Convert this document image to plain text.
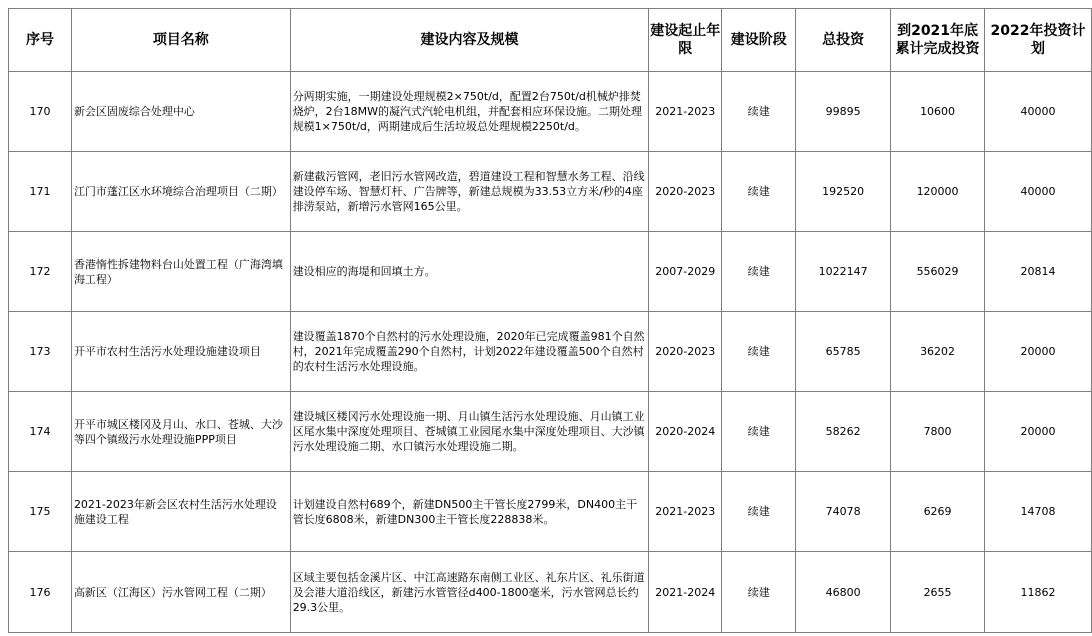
序号	项目名称	建设内容及规模	建设起止年限	建设阶段	总投资	到2021年底累计完成投资	2022年投资计划
170	新会区固废综合处理中心	分两期实施，一期建设处理规模2×750t/d，配置2台750t/d机械炉排焚烧炉，2台18MW的凝汽式汽轮电机组，并配套相应环保设施。二期处理规模1×750t/d，两期建成后生活垃圾总处理规模2250t/d。	2021-2023	续建	99895	10600	40000
171	江门市蓬江区水环境综合治理项目（二期）	新建截污管网，老旧污水管网改造，碧道建设工程和智慧水务工程、沿线建设停车场、智慧灯杆、广告牌等，新建总规模为33.53立方米/秒的4座排涝泵站，新增污水管网165公里。	2020-2023	续建	192520	120000	40000
172	香港惰性拆建物料台山处置工程（广海湾填海工程）	建设相应的海堤和回填土方。	2007-2029	续建	1022147	556029	20814
173	开平市农村生活污水处理设施建设项目	建设覆盖1870个自然村的污水处理设施，2020年已完成覆盖981个自然村，2021年完成覆盖290个自然村，计划2022年建设覆盖500个自然村的农村生活污水处理设施。	2020-2023	续建	65785	36202	20000
174	开平市城区楼冈及月山、水口、苍城、大沙等四个镇级污水处理设施PPP项目	建设城区楼冈污水处理设施一期、月山镇生活污水处理设施、月山镇工业区尾水集中深度处理项目、苍城镇工业园尾水集中深度处理项目、大沙镇污水处理设施二期、水口镇污水处理设施二期。	2020-2024	续建	58262	7800	20000
175	2021-2023年新会区农村生活污水处理设施建设工程	计划建设自然村689个，新建DN500主干管长度2799米，DN400主干管长度6808米，新建DN300主干管长度228838米。	2021-2023	续建	74078	6269	14708
176	高新区（江海区）污水管网工程（二期）	区域主要包括金溪片区、中江高速路东南侧工业区、礼东片区、礼乐街道及会港大道沿线区，新建污水管管径d400-1800毫米，污水管网总长约29.3公里。	2021-2024	续建	46800	2655	11862
